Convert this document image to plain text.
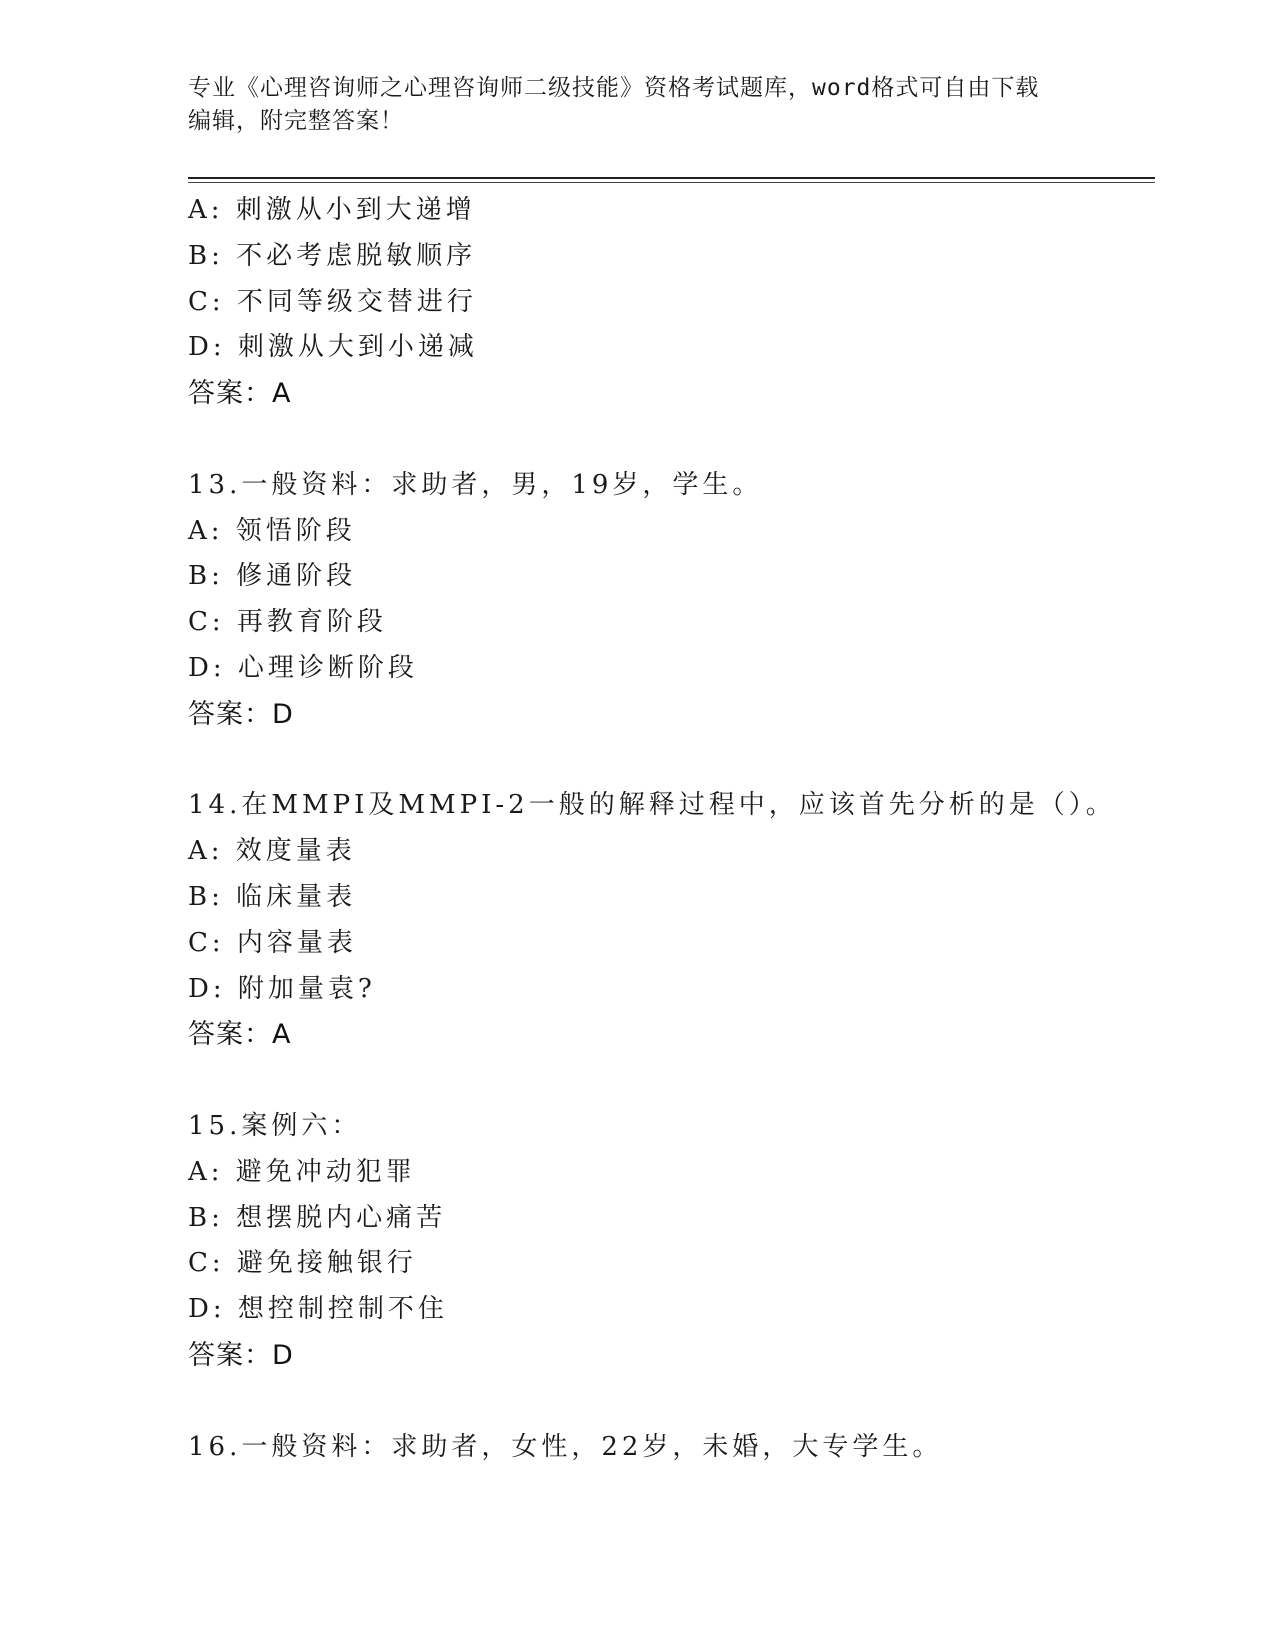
专业《心理咨询师之心理咨询师二级技能》资格考试题库，word格式可自由下载
编辑，附完整答案！
A: 刺激从小到大递增
B: 不必考虑脱敏顺序
C: 不同等级交替进行
D: 刺激从大到小递减
答案：A
13.一般资料：求助者，男，19岁，学生。
A: 领悟阶段
B: 修通阶段
C: 再教育阶段
D: 心理诊断阶段
答案：D
14.在MMPI及MMPI-2一般的解释过程中，应该首先分析的是（）。
A: 效度量表
B: 临床量表
C: 内容量表
D: 附加量袁?
答案：A
15.案例六：
A: 避免冲动犯罪
B: 想摆脱内心痛苦
C: 避免接触银行
D: 想控制控制不住
答案：D
16.一般资料：求助者，女性，22岁，未婚，大专学生。
